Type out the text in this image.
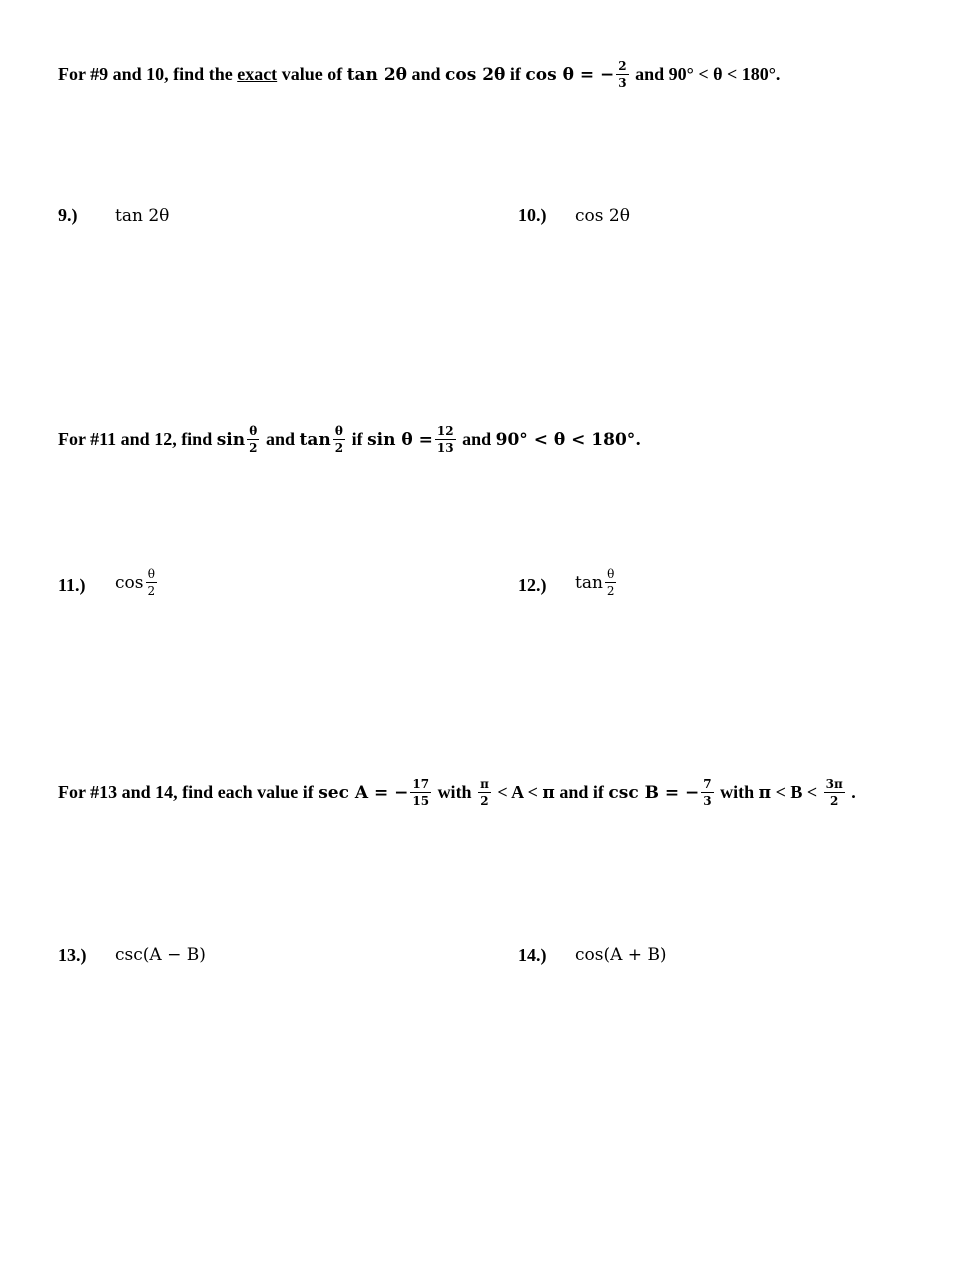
For #9 and 10, find the exact value of tan 2θ and cos 2θ if cos θ = − $\frac{2}{3}$ and 90° < θ < 180°.
9.) tan 2θ	10.) cos 2θ
For #11 and 12, find $\sin \frac{\theta}{2}$ and $\tan \frac{\theta}{2}$ if $\sin \theta = \frac{12}{13}$ and 90° < θ < 180°.
11.) $\cos \frac{\theta}{2}$	12.) $\tan \frac{\theta}{2}$
For #13 and 14, find each value if sec A = − $\frac{17}{15}$ with $\frac{\pi}{2} < A < \pi$ and if csc B = − $\frac{7}{3}$ with $\pi < B < \frac{3\pi}{2}$ .
13.) csc(A − B)	14.) cos(A + B)
